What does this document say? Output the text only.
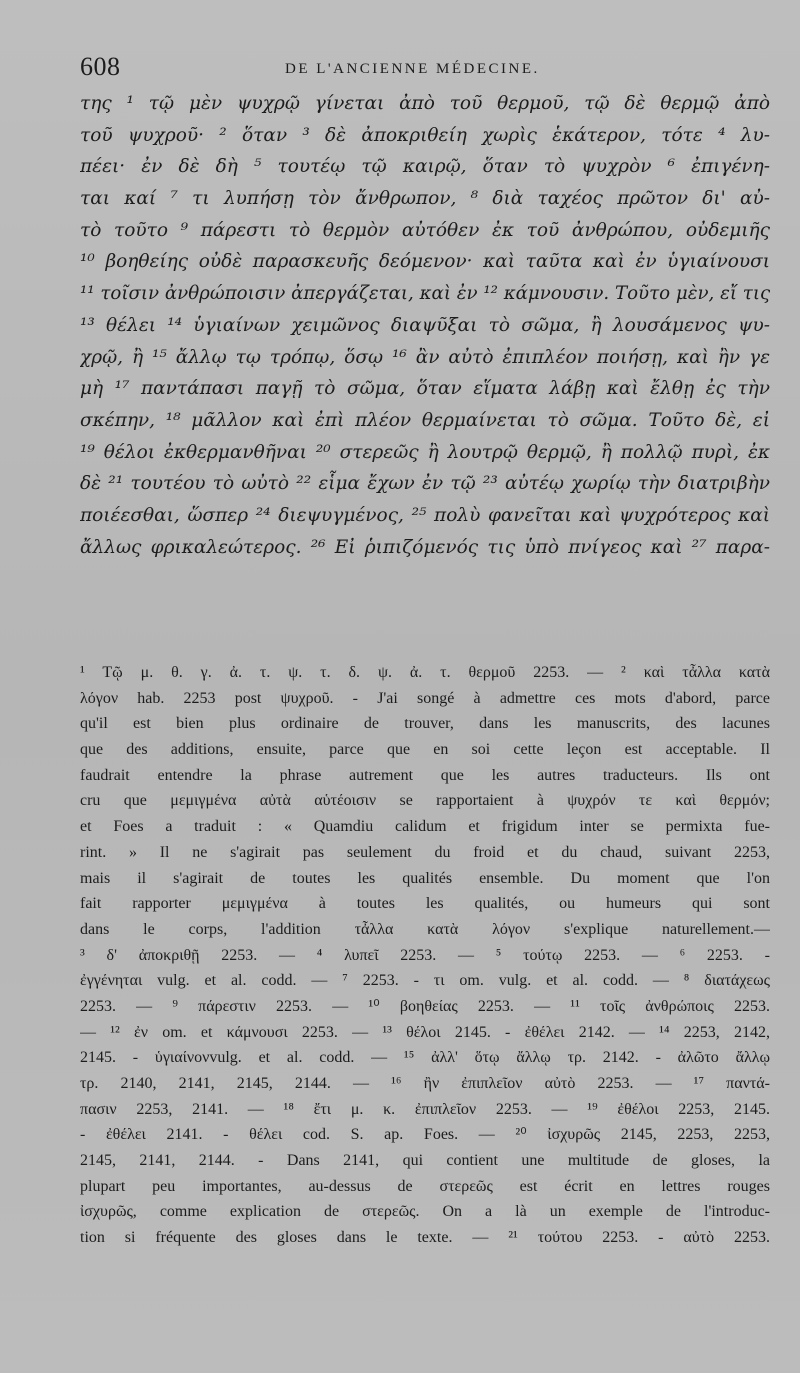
608	DE L'ANCIENNE MÉDECINE.
της ¹ τῷ μὲν ψυχρῷ γίνεται ἀπὸ τοῦ θερμοῦ, τῷ δὲ θερμῷ ἀπὸ
τοῦ ψυχροῦ· ² ὅταν ³ δὲ ἀποκριθείη χωρὶς ἑκάτερον, τότε ⁴ λυ-
πέει· ἐν δὲ δὴ ⁵ τουτέῳ τῷ καιρῷ, ὅταν τὸ ψυχρὸν ⁶ ἐπιγένη-
ται καί ⁷ τι λυπήσῃ τὸν ἄνθρωπον, ⁸ διὰ ταχέος πρῶτον δι' αὐ-
τὸ τοῦτο ⁹ πάρεστι τὸ θερμὸν αὐτόθεν ἐκ τοῦ ἀνθρώπου, οὐδεμιῆς
¹⁰ βοηθείης οὐδὲ παρασκευῆς δεόμενον· καὶ ταῦτα καὶ ἐν ὑγιαίνουσι
¹¹ τοῖσιν ἀνθρώποισιν ἀπεργάζεται, καὶ ἐν ¹² κάμνουσιν. Τοῦτο μὲν, εἴ τις
¹³ θέλει ¹⁴ ὑγιαίνων χειμῶνος διαψῦξαι τὸ σῶμα, ἢ λουσάμενος ψυ-
χρῷ, ἢ ¹⁵ ἄλλῳ τῳ τρόπῳ, ὅσῳ ¹⁶ ἂν αὐτὸ ἐπιπλέον ποιήσῃ, καὶ ἢν γε
μὴ ¹⁷ παντάπασι παγῇ τὸ σῶμα, ὅταν εἵματα λάβῃ καὶ ἔλθῃ ἐς τὴν
σκέπην, ¹⁸ μᾶλλον καὶ ἐπὶ πλέον θερμαίνεται τὸ σῶμα. Τοῦτο δὲ, εἰ
¹⁹ θέλοι ἐκθερμανθῆναι ²⁰ στερεῶς ἢ λουτρῷ θερμῷ, ἢ πολλῷ πυρὶ, ἐκ
δὲ ²¹ τουτέου τὸ ωὐτὸ ²² εἷμα ἔχων ἐν τῷ ²³ αὐτέῳ χωρίῳ τὴν διατριβὴν
ποιέεσθαι, ὥσπερ ²⁴ διεψυγμένος, ²⁵ πολὺ φανεῖται καὶ ψυχρότερος καὶ
ἄλλως φρικαλεώτερος. ²⁶ Εἰ ῥιπιζόμενός τις ὑπὸ πνίγεος καὶ ²⁷ παρα-
¹ Τῷ μ. θ. γ. ἀ. τ. ψ. τ. δ. ψ. ἀ. τ. θερμοῦ 2253. — ² καὶ τἆλλα κατὰ
λόγον hab. 2253 post ψυχροῦ. - J'ai songé à admettre ces mots d'abord, parce
qu'il est bien plus ordinaire de trouver, dans les manuscrits, des lacunes
que des additions, ensuite, parce que en soi cette leçon est acceptable. Il
faudrait entendre la phrase autrement que les autres traducteurs. Ils ont
cru que μεμιγμένα αὐτὰ αὑτέοισιν se rapportaient à ψυχρόν τε καὶ θερμόν;
et Foes a traduit : « Quamdiu calidum et frigidum inter se permixta fue-
rint. » Il ne s'agirait pas seulement du froid et du chaud, suivant 2253,
mais il s'agirait de toutes les qualités ensemble. Du moment que l'on
fait rapporter μεμιγμένα à toutes les qualités, ou humeurs qui sont
dans le corps, l'addition τἆλλα κατὰ λόγον s'explique naturellement.—
³ δ' ἀποκριθῇ 2253. — ⁴ λυπεῖ 2253. — ⁵ τούτῳ 2253. — ⁶ 2253. -
ἐγγένηται vulg. et al. codd. — ⁷ 2253. - τι om. vulg. et al. codd. — ⁸ διατάχεως
2253. — ⁹ πάρεστιν 2253. — ¹⁰ βοηθείας 2253. — ¹¹ τοῖς ἀνθρώποις 2253.
— ¹² ἐν om. et κάμνουσι 2253. — ¹³ θέλοι 2145. - ἐθέλει 2142. — ¹⁴ 2253, 2142,
2145. - ὑγιαίνονvulg. et al. codd. — ¹⁵ ἀλλ' ὅτῳ ἄλλῳ τρ. 2142. - ἀλῶτο ἄλλῳ
τρ. 2140, 2141, 2145, 2144. — ¹⁶ ἢν ἐπιπλεῖον αὐτὸ 2253. — ¹⁷ παντά-
πασιν 2253, 2141. — ¹⁸ ἔτι μ. κ. ἐπιπλεῖον 2253. — ¹⁹ ἐθέλοι 2253, 2145.
- ἐθέλει 2141. - θέλει cod. S. ap. Foes. — ²⁰ ἰσχυρῶς 2145, 2253, 2253,
2145, 2141, 2144. - Dans 2141, qui contient une multitude de gloses, la
plupart peu importantes, au-dessus de στερεῶς est écrit en lettres rouges
ἰσχυρῶς, comme explication de στερεῶς. On a là un exemple de l'introduc-
tion si fréquente des gloses dans le texte. — ²¹ τούτου 2253. - αὐτὸ 2253.
